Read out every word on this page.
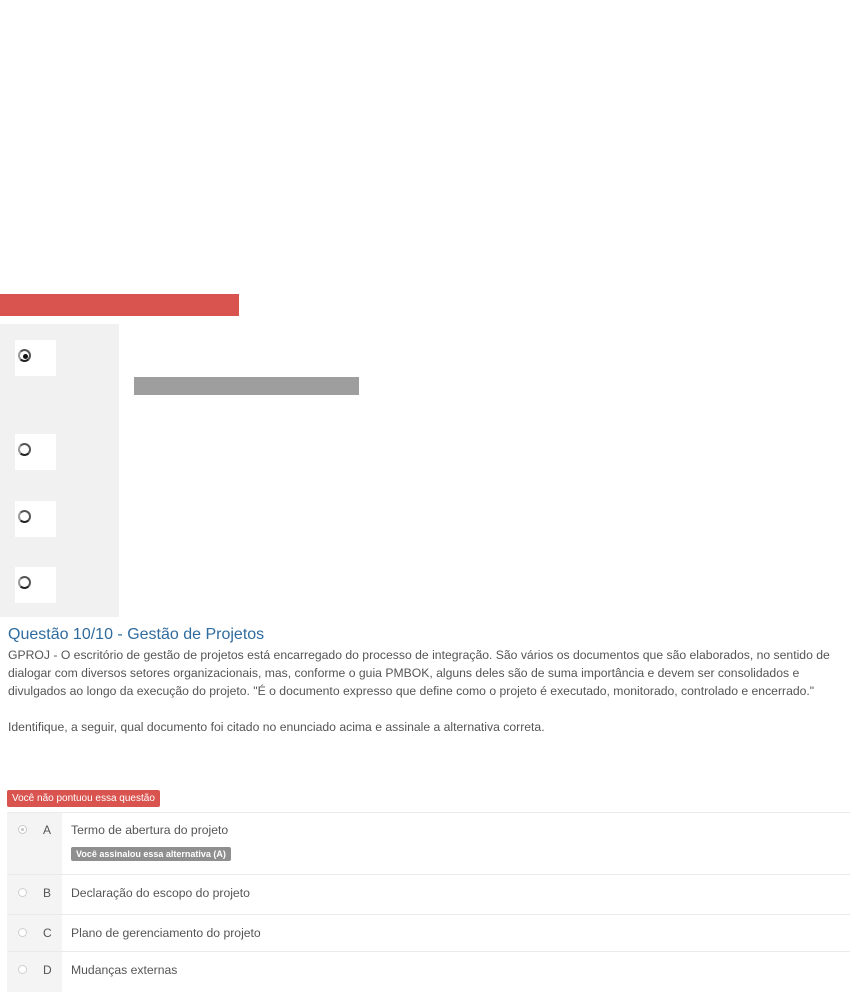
Questão 10/10 - Gestão de Projetos

GPROJ - O escritório de gestão de projetos está encarregado do processo de integração. São vários os documentos que são elaborados, no sentido de dialogar com diversos setores organizacionais, mas, conforme o guia PMBOK, alguns deles são de suma importância e devem ser consolidados e divulgados ao longo da execução do projeto. "É o documento expresso que define como o projeto é executado, monitorado, controlado e encerrado."

Identifique, a seguir, qual documento foi citado no enunciado acima e assinale a alternativa correta.

Você não pontuou essa questão
A Termo de abertura do projeto
Você assinalou essa alternativa (A)
B Declaração do escopo do projeto
C Plano de gerenciamento do projeto
D Mudanças externas
